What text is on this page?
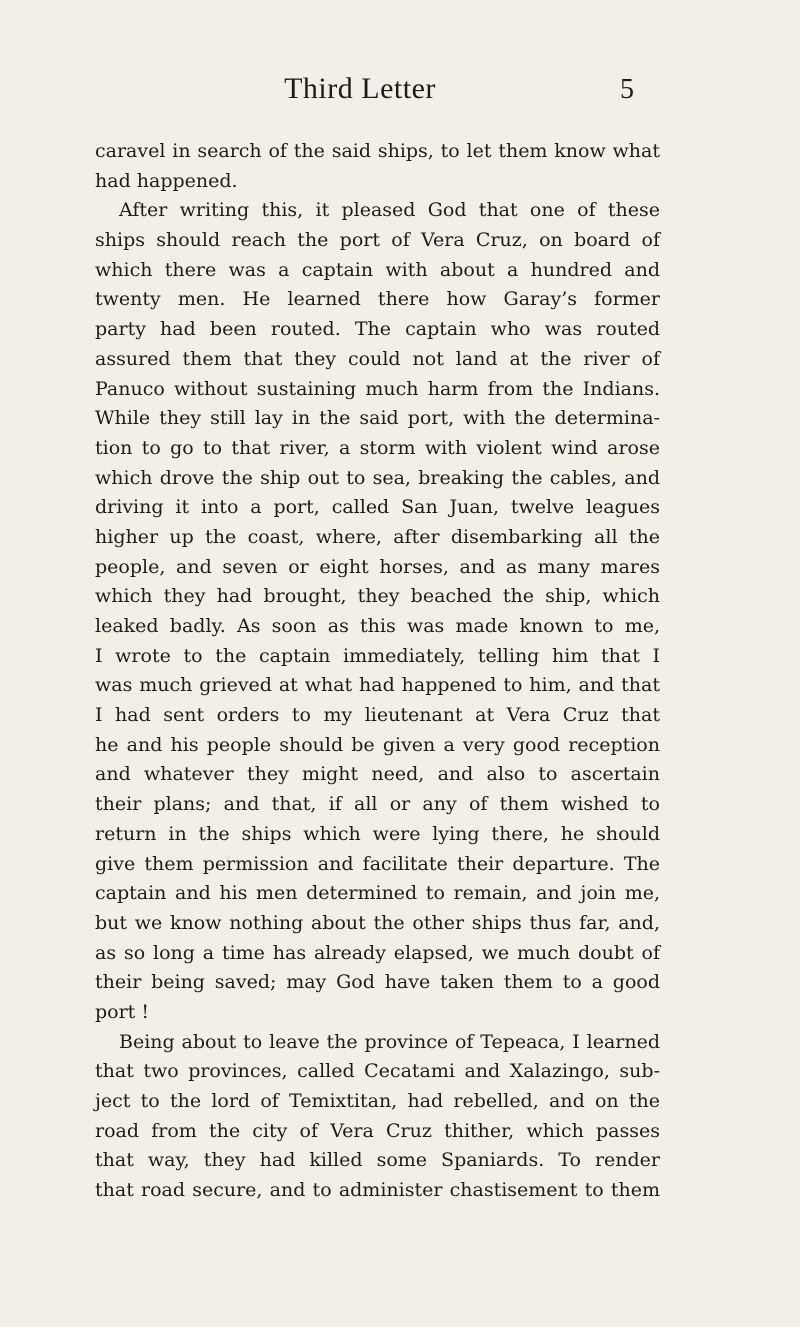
Third Letter	5
caravel in search of the said ships, to let them know what
had happened.
After writing this, it pleased God that one of these
ships should reach the port of Vera Cruz, on board of
which there was a captain with about a hundred and
twenty men. He learned there how Garay’s former
party had been routed. The captain who was routed
assured them that they could not land at the river of
Panuco without sustaining much harm from the Indians.
While they still lay in the said port, with the determina-
tion to go to that river, a storm with violent wind arose
which drove the ship out to sea, breaking the cables, and
driving it into a port, called San Juan, twelve leagues
higher up the coast, where, after disembarking all the
people, and seven or eight horses, and as many mares
which they had brought, they beached the ship, which
leaked badly. As soon as this was made known to me,
I wrote to the captain immediately, telling him that I
was much grieved at what had happened to him, and that
I had sent orders to my lieutenant at Vera Cruz that
he and his people should be given a very good reception
and whatever they might need, and also to ascertain
their plans; and that, if all or any of them wished to
return in the ships which were lying there, he should
give them permission and facilitate their departure. The
captain and his men determined to remain, and join me,
but we know nothing about the other ships thus far, and,
as so long a time has already elapsed, we much doubt of
their being saved; may God have taken them to a good
port !
Being about to leave the province of Tepeaca, I learned
that two provinces, called Cecatami and Xalazingo, sub-
ject to the lord of Temixtitan, had rebelled, and on the
road from the city of Vera Cruz thither, which passes
that way, they had killed some Spaniards. To render
that road secure, and to administer chastisement to them
